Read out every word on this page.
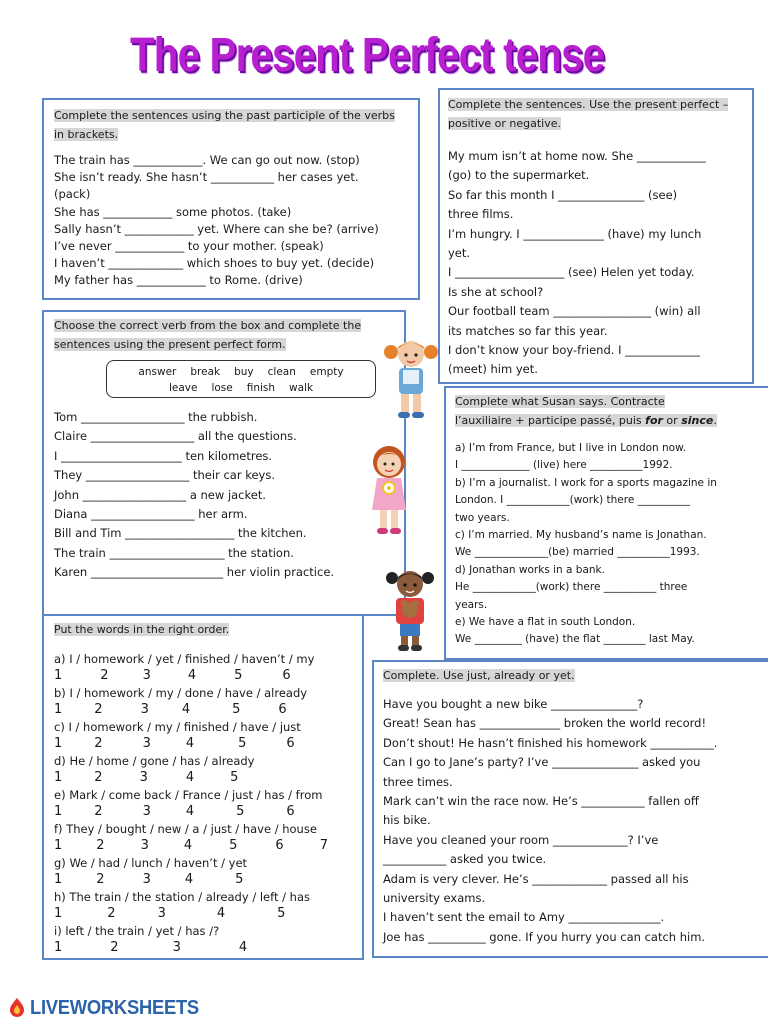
The Present Perfect tense
Complete the sentences using the past participle of the verbs in brackets.
The train has ____________. We can go out now. (stop)
She isn’t ready. She hasn’t ___________ her cases yet.
(pack)
She has ____________ some photos. (take)
Sally hasn’t ____________ yet. Where can she be? (arrive)
I’ve never ____________ to your mother. (speak)
I haven’t _____________ which shoes to buy yet. (decide)
My father has ____________ to Rome. (drive)
Complete the sentences. Use the present perfect – positive or negative.
My mum isn’t at home now. She ____________
(go) to the supermarket.
So far this month I _______________ (see)
three films.
I’m hungry. I ______________ (have) my lunch
yet.
I ___________________ (see) Helen yet today.
Is she at school?
Our football team _________________ (win) all
its matches so far this year.
I don’t know your boy-friend. I _____________
(meet) him yet.
Choose the correct verb from the box and complete the sentences using the present perfect form.
answer break buy clean empty
leave lose finish walk
Tom __________________ the rubbish.
Claire __________________ all the questions.
I _____________________ ten kilometres.
They __________________ their car keys.
John __________________ a new jacket.
Diana __________________ her arm.
Bill and Tim ___________________ the kitchen.
The train ____________________ the station.
Karen _______________________ her violin practice.
Complete what Susan says. Contracte
l’auxiliaire + participe passé, puis for or since.
a) I’m from France, but I live in London now.
I _____________ (live) here __________1992.
b) I’m a journalist. I work for a sports magazine in
London. I ____________(work) there __________
two years.
c) I’m married. My husband’s name is Jonathan.
We ______________(be) married __________1993.
d) Jonathan works in a bank.
He ____________(work) there __________ three
years.
e) We have a flat in south London.
We _________ (have) the flat ________ last May.
Put the words in the right order.
a) I / homework / yet / finished / haven’t / my
1	2	3	4	5	6
b) I / homework / my / done / have / already
1 2	3	4	5	6
c) I / homework / my / finished / have / just
1 2	3	4	5	6
d) He / home / gone / has / already
1 2	3	4	5
e) Mark / come back / France / just / has / from
1 2	3	4	5	6
f) They / bought / new / a / just / have / house
1	2	3	4	5	6	7
g) We / had / lunch / haven’t / yet
1	2	3	4	5
h) The train / the station / already / left / has
1	2	3	4	5
i) left / the train / yet / has /?
1	2	3	4
Complete. Use just, already or yet.
Have you bought a new bike _______________?
Great! Sean has ______________ broken the world record!
Don’t shout! He hasn’t finished his homework ___________.
Can I go to Jane’s party? I’ve _______________ asked you
three times.
Mark can’t win the race now. He’s ___________ fallen off
his bike.
Have you cleaned your room _____________? I’ve
___________ asked you twice.
Adam is very clever. He’s _____________ passed all his
university exams.
I haven’t sent the email to Amy ________________.
Joe has __________ gone. If you hurry you can catch him.
LIVEWORKSHEETS
